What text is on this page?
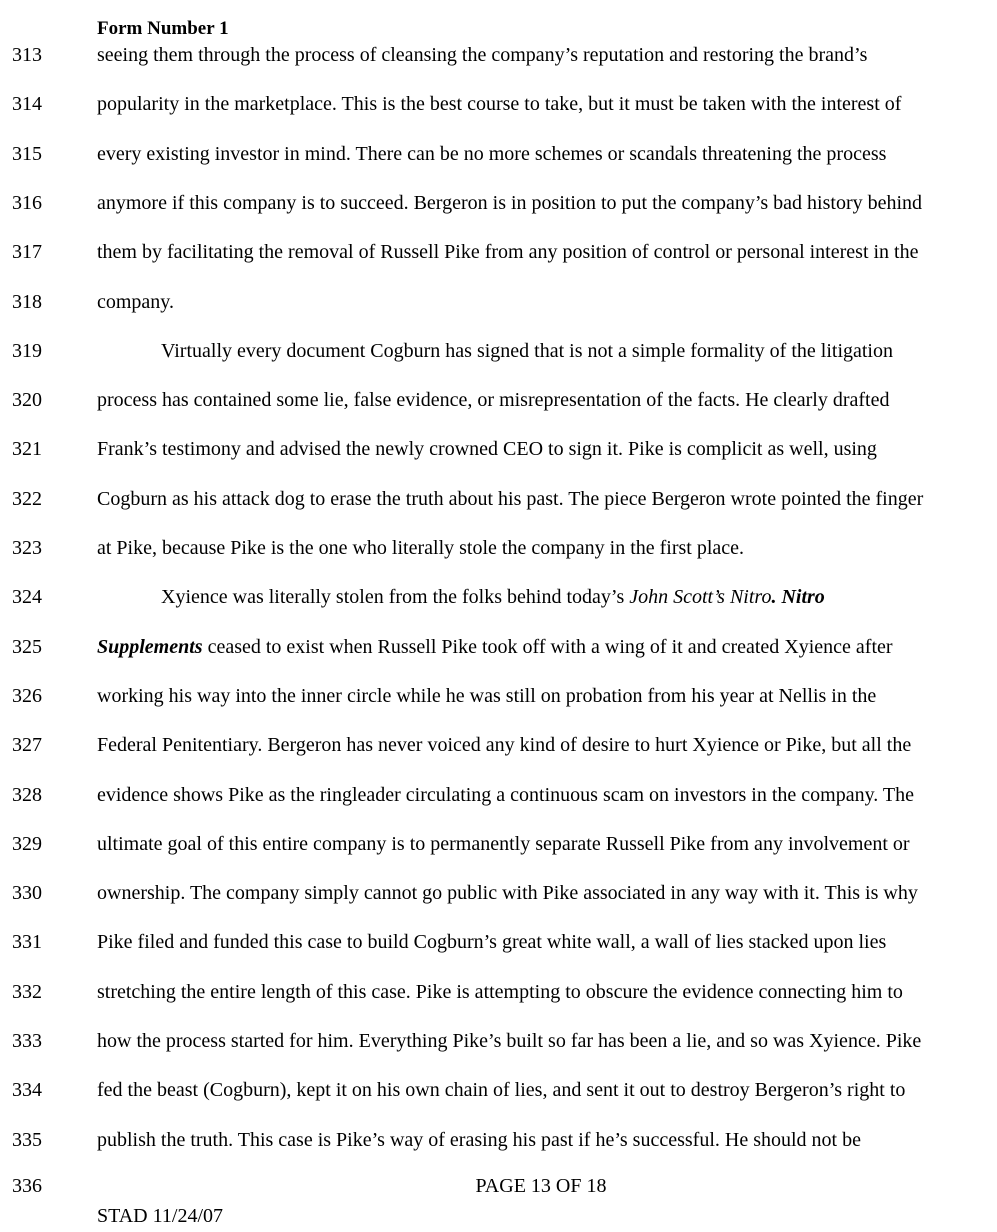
Form Number 1
313	seeing them through the process of cleansing the company’s reputation and restoring the brand’s
314	popularity in the marketplace. This is the best course to take, but it must be taken with the interest of
315	every existing investor in mind. There can be no more schemes or scandals threatening the process
316	anymore if this company is to succeed. Bergeron is in position to put the company’s bad history behind
317	them by facilitating the removal of Russell Pike from any position of control or personal interest in the
318	company.
319	Virtually every document Cogburn has signed that is not a simple formality of the litigation
320	process has contained some lie, false evidence, or misrepresentation of the facts. He clearly drafted
321	Frank’s testimony and advised the newly crowned CEO to sign it. Pike is complicit as well, using
322	Cogburn as his attack dog to erase the truth about his past. The piece Bergeron wrote pointed the finger
323	at Pike, because Pike is the one who literally stole the company in the first place.
324	Xyience was literally stolen from the folks behind today’s John Scott’s Nitro. Nitro
325	Supplements ceased to exist when Russell Pike took off with a wing of it and created Xyience after
326	working his way into the inner circle while he was still on probation from his year at Nellis in the
327	Federal Penitentiary. Bergeron has never voiced any kind of desire to hurt Xyience or Pike, but all the
328	evidence shows Pike as the ringleader circulating a continuous scam on investors in the company. The
329	ultimate goal of this entire company is to permanently separate Russell Pike from any involvement or
330	ownership. The company simply cannot go public with Pike associated in any way with it. This is why
331	Pike filed and funded this case to build Cogburn’s great white wall, a wall of lies stacked upon lies
332	stretching the entire length of this case. Pike is attempting to obscure the evidence connecting him to
333	how the process started for him. Everything Pike’s built so far has been a lie, and so was Xyience. Pike
334	fed the beast (Cogburn), kept it on his own chain of lies, and sent it out to destroy Bergeron’s right to
335	publish the truth. This case is Pike’s way of erasing his past if he’s successful. He should not be
336	PAGE 13 OF 18
STAD 11/24/07
